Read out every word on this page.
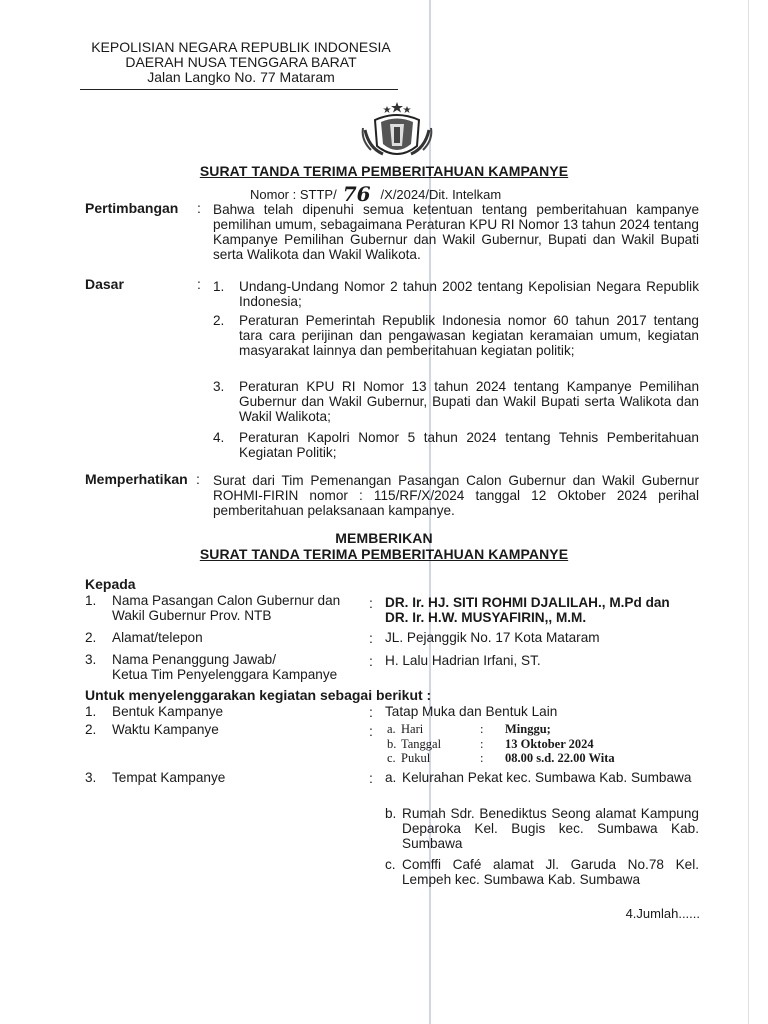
KEPOLISIAN NEGARA REPUBLIK INDONESIA
DAERAH NUSA TENGGARA BARAT
Jalan Langko No. 77 Mataram
SURAT TANDA TERIMA PEMBERITAHUAN KAMPANYE
Nomor : STTP/ 76 /X/2024/Dit. Intelkam
Pertimbangan : Bahwa telah dipenuhi semua ketentuan tentang pemberitahuan kampanye pemilihan umum, sebagaimana Peraturan KPU RI Nomor 13 tahun 2024 tentang Kampanye Pemilihan Gubernur dan Wakil Gubernur, Bupati dan Wakil Bupati serta Walikota dan Wakil Walikota.
Dasar	: 1. Undang-Undang Nomor 2 tahun 2002 tentang Kepolisian Negara Republik Indonesia;
2. Peraturan Pemerintah Republik Indonesia nomor 60 tahun 2017 tentang tara cara perijinan dan pengawasan kegiatan keramaian umum, kegiatan masyarakat lainnya dan pemberitahuan kegiatan politik;
3. Peraturan KPU RI Nomor 13 tahun 2024 tentang Kampanye Pemilihan Gubernur dan Wakil Gubernur, Bupati dan Wakil Bupati serta Walikota dan Wakil Walikota;
4. Peraturan Kapolri Nomor 5 tahun 2024 tentang Tehnis Pemberitahuan Kegiatan Politik;
Memperhatikan : Surat dari Tim Pemenangan Pasangan Calon Gubernur dan Wakil Gubernur ROHMI-FIRIN nomor : 115/RF/X/2024 tanggal 12 Oktober 2024 perihal pemberitahuan pelaksanaan kampanye.
MEMBERIKAN
SURAT TANDA TERIMA PEMBERITAHUAN KAMPANYE
Kepada
1. Nama Pasangan Calon Gubernur dan
Wakil Gubernur Prov. NTB
: DR. Ir. HJ. SITI ROHMI DJALILAH., M.Pd dan
DR. Ir. H.W. MUSYAFIRIN,, M.M.
2. Alamat/telepon	: JL. Pejanggik No. 17 Kota Mataram
3. Nama Penanggung Jawab/
Ketua Tim Penyelenggara Kampanye
: H. Lalu Hadrian Irfani, ST.
Untuk menyelenggarakan kegiatan sebagai berikut :
1. Bentuk Kampanye	: Tatap Muka dan Bentuk Lain
2. Waktu Kampanye	: a. Hari	: Minggu;
b. Tanggal	: 13 Oktober 2024
c. Pukul	: 08.00 s.d. 22.00 Wita
3. Tempat Kampanye	: a. Kelurahan Pekat kec. Sumbawa Kab. Sumbawa
b. Rumah Sdr. Benediktus Seong alamat Kampung Deparoka Kel. Bugis kec. Sumbawa Kab. Sumbawa
c. Comffi Café alamat Jl. Garuda No.78 Kel. Lempeh kec. Sumbawa Kab. Sumbawa
4.Jumlah......
